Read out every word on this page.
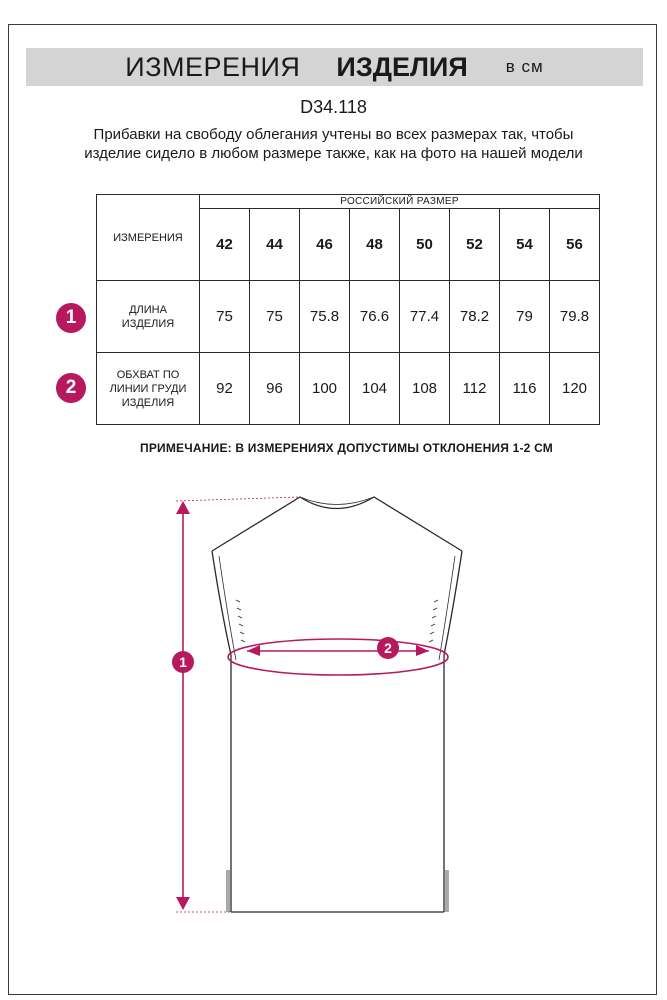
ИЗМЕРЕНИЯ ИЗДЕЛИЯ в см
D34.118
Прибавки на свободу облегания учтены во всех размерах так, чтобы изделие сидело в любом размере также, как на фото на нашей модели
ИЗМЕРЕНИЯ	РОССИЙСКИЙ РАЗМЕР							
	42	44	46	48	50	52	54	56
ДЛИНА
ИЗДЕЛИЯ	75	75	75.8	76.6	77.4	78.2	79	79.8
ОБХВАТ ПО
ЛИНИИ ГРУДИ
ИЗДЕЛИЯ	92	96	100	104	108	112	116	120
1
2
ПРИМЕЧАНИЕ: В ИЗМЕРЕНИЯХ ДОПУСТИМЫ ОТКЛОНЕНИЯ 1-2 СМ
1
2
